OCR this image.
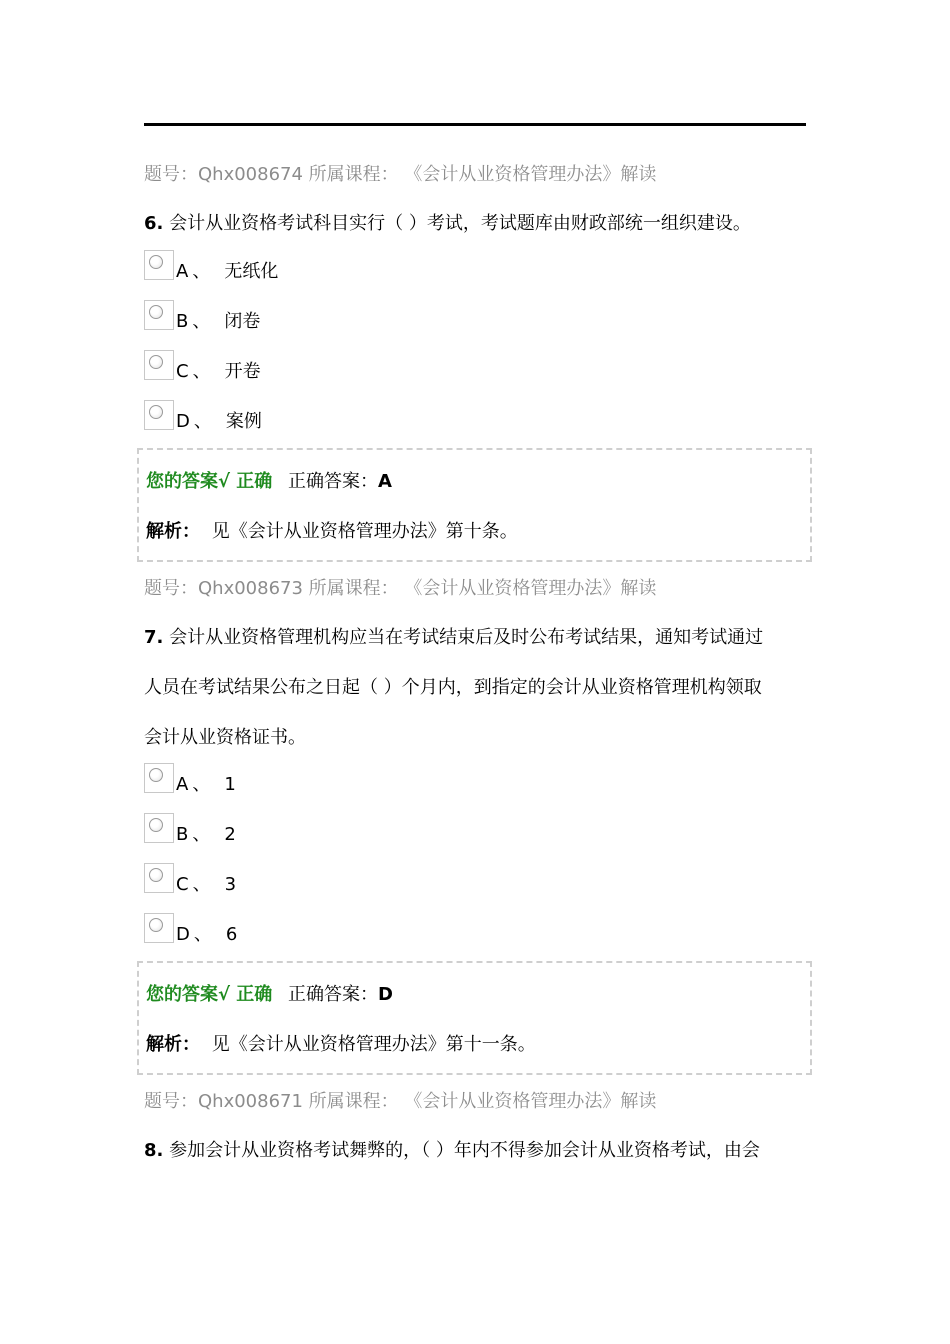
题号：Qhx008674 所属课程： 《会计从业资格管理办法》解读
6. 会计从业资格考试科目实行（ ）考试，考试题库由财政部统一组织建设。
A 、 无纸化
B 、 闭卷
C 、 开卷
D 、 案例
您的答案√ 正确 正确答案：A
解析： 见《会计从业资格管理办法》第十条。
题号：Qhx008673 所属课程： 《会计从业资格管理办法》解读
7. 会计从业资格管理机构应当在考试结束后及时公布考试结果，通知考试通过
人员在考试结果公布之日起（ ）个月内，到指定的会计从业资格管理机构领取
会计从业资格证书。
A 、 1
B 、 2
C 、 3
D 、 6
您的答案√ 正确 正确答案：D
解析： 见《会计从业资格管理办法》第十一条。
题号：Qhx008671 所属课程： 《会计从业资格管理办法》解读
8. 参加会计从业资格考试舞弊的，（ ）年内不得参加会计从业资格考试，由会
